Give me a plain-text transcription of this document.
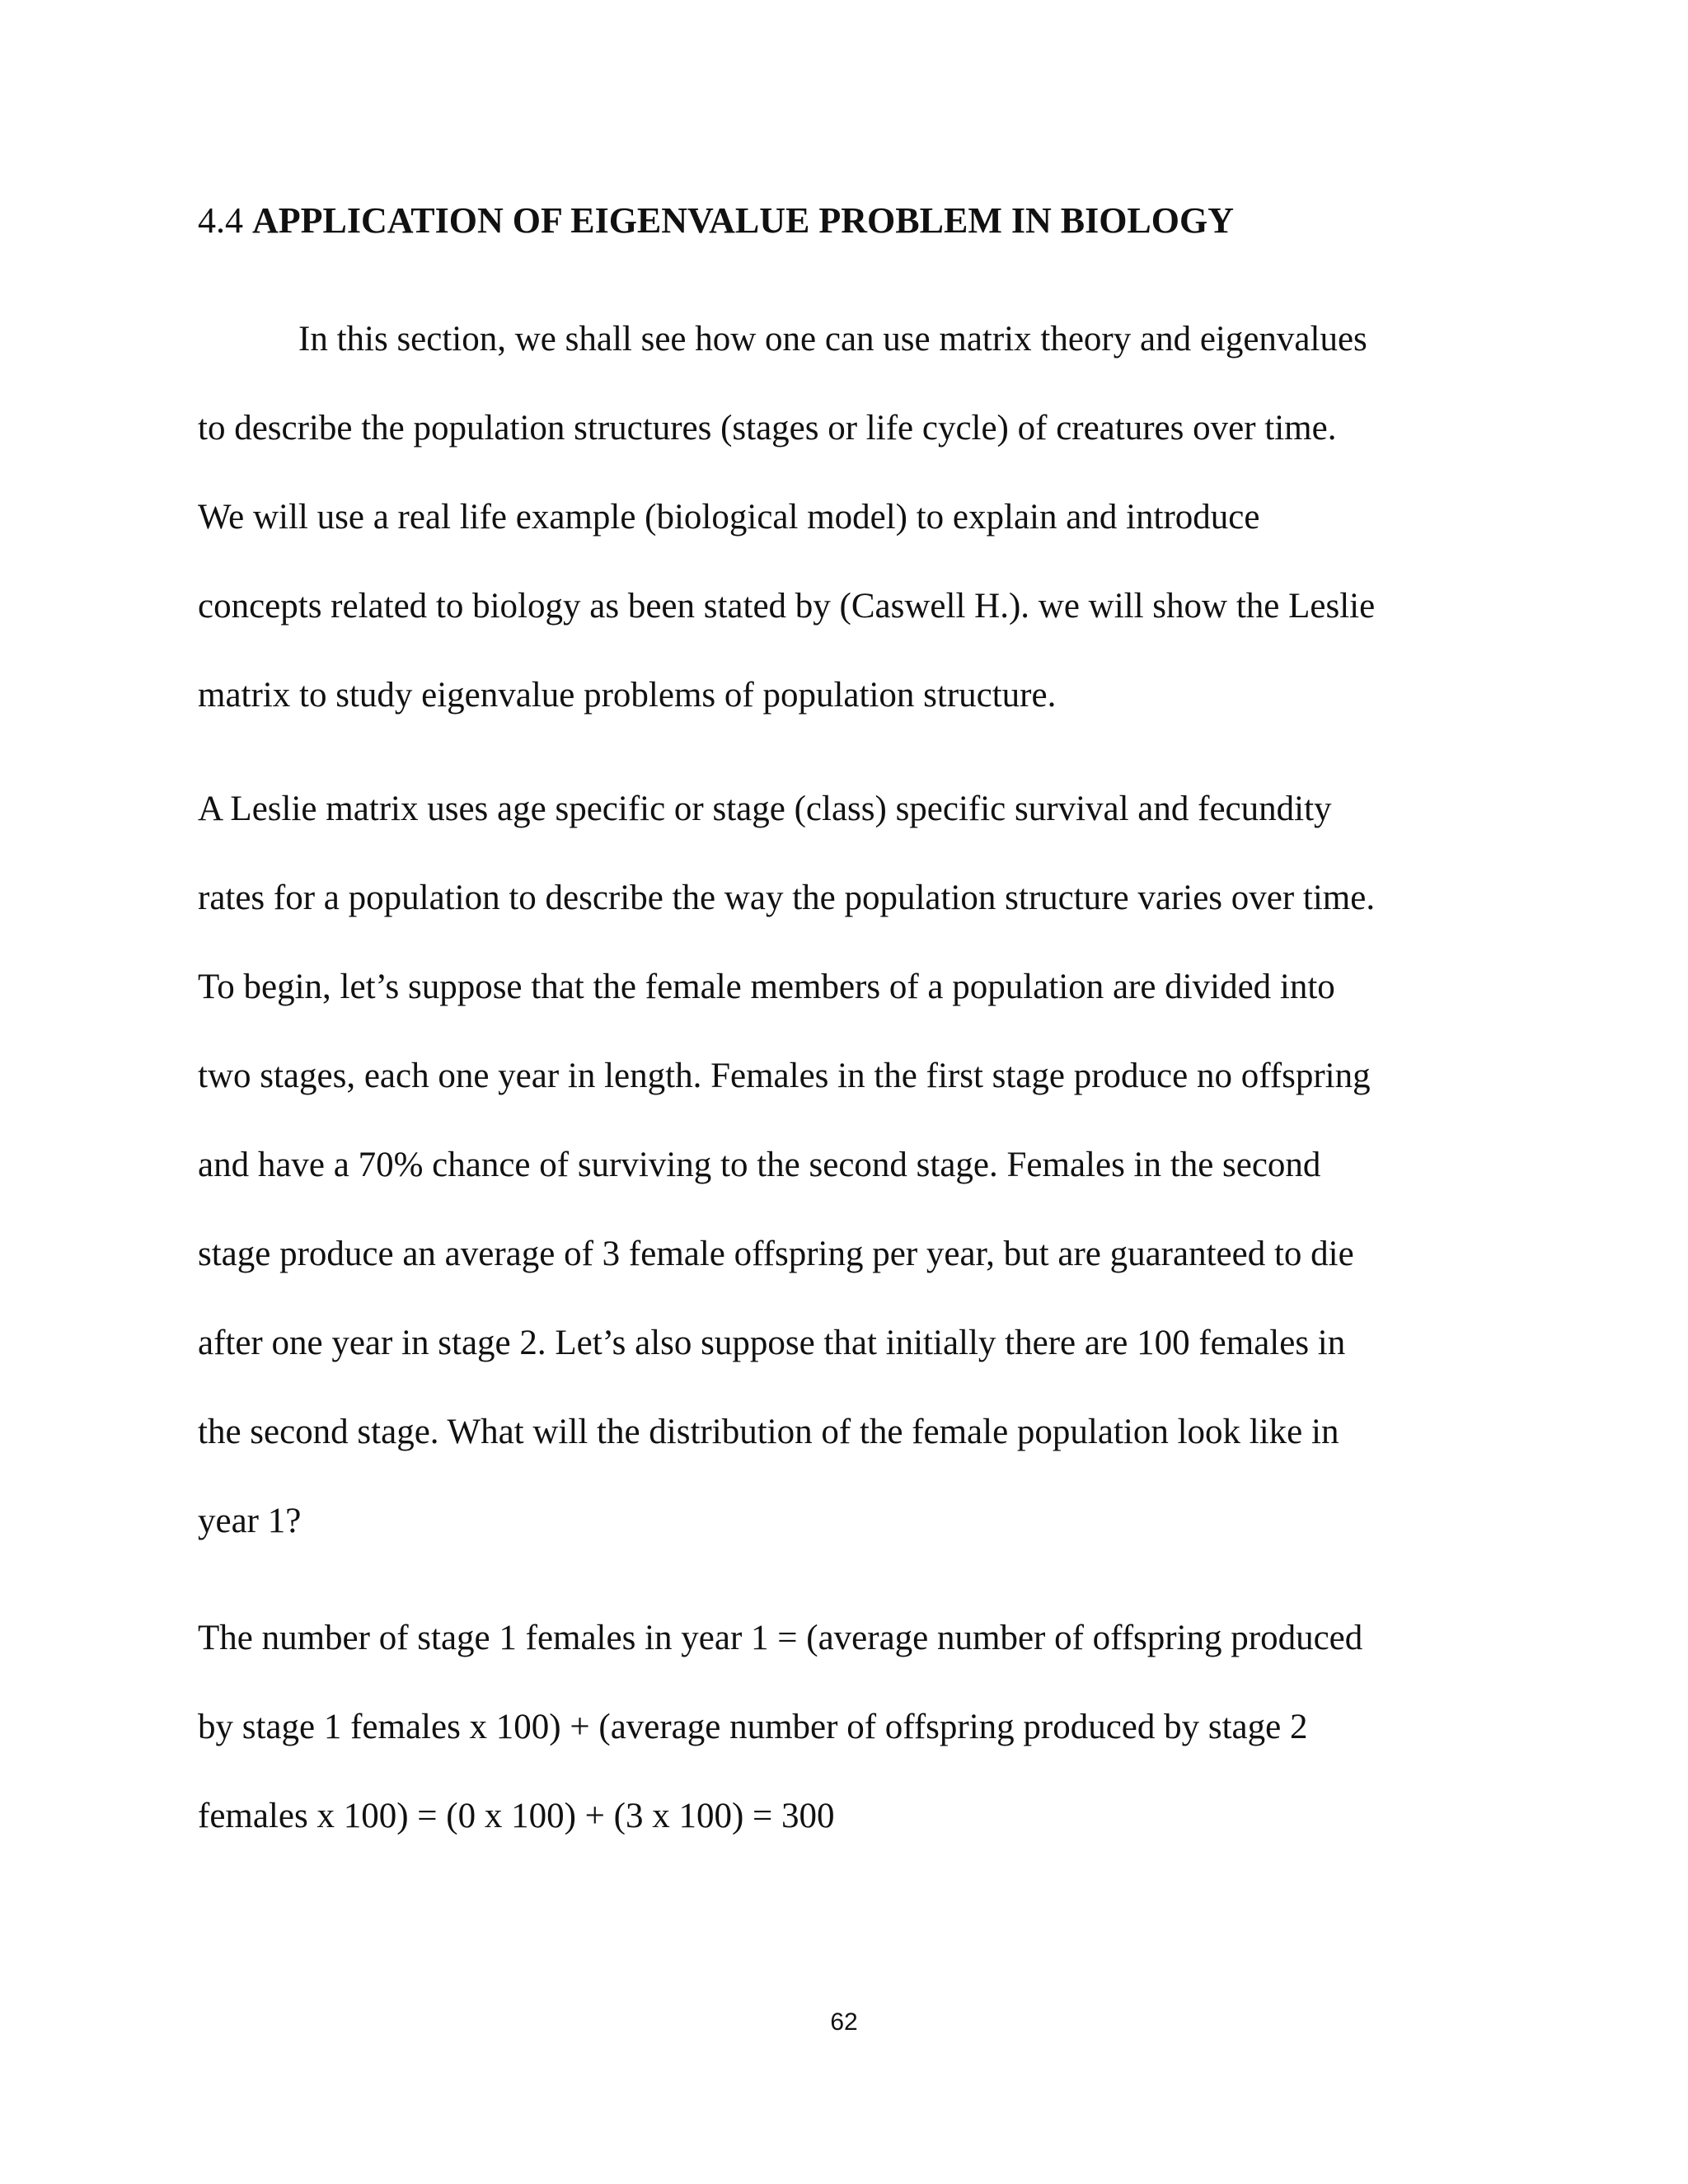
4.4 APPLICATION OF EIGENVALUE PROBLEM IN BIOLOGY

In this section, we shall see how one can use matrix theory and eigenvalues
to describe the population structures (stages or life cycle) of creatures over time.
We will use a real life example (biological model) to explain and introduce
concepts related to biology as been stated by (Caswell H.). we will show the Leslie
matrix to study eigenvalue problems of population structure.

A Leslie matrix uses age specific or stage (class) specific survival and fecundity
rates for a population to describe the way the population structure varies over time.
To begin, let’s suppose that the female members of a population are divided into
two stages, each one year in length. Females in the first stage produce no offspring
and have a 70% chance of surviving to the second stage. Females in the second
stage produce an average of 3 female offspring per year, but are guaranteed to die
after one year in stage 2. Let’s also suppose that initially there are 100 females in
the second stage. What will the distribution of the female population look like in
year 1?

The number of stage 1 females in year 1 = (average number of offspring produced
by stage 1 females x 100) + (average number of offspring produced by stage 2
females x 100) = (0 x 100) + (3 x 100) = 300

62
